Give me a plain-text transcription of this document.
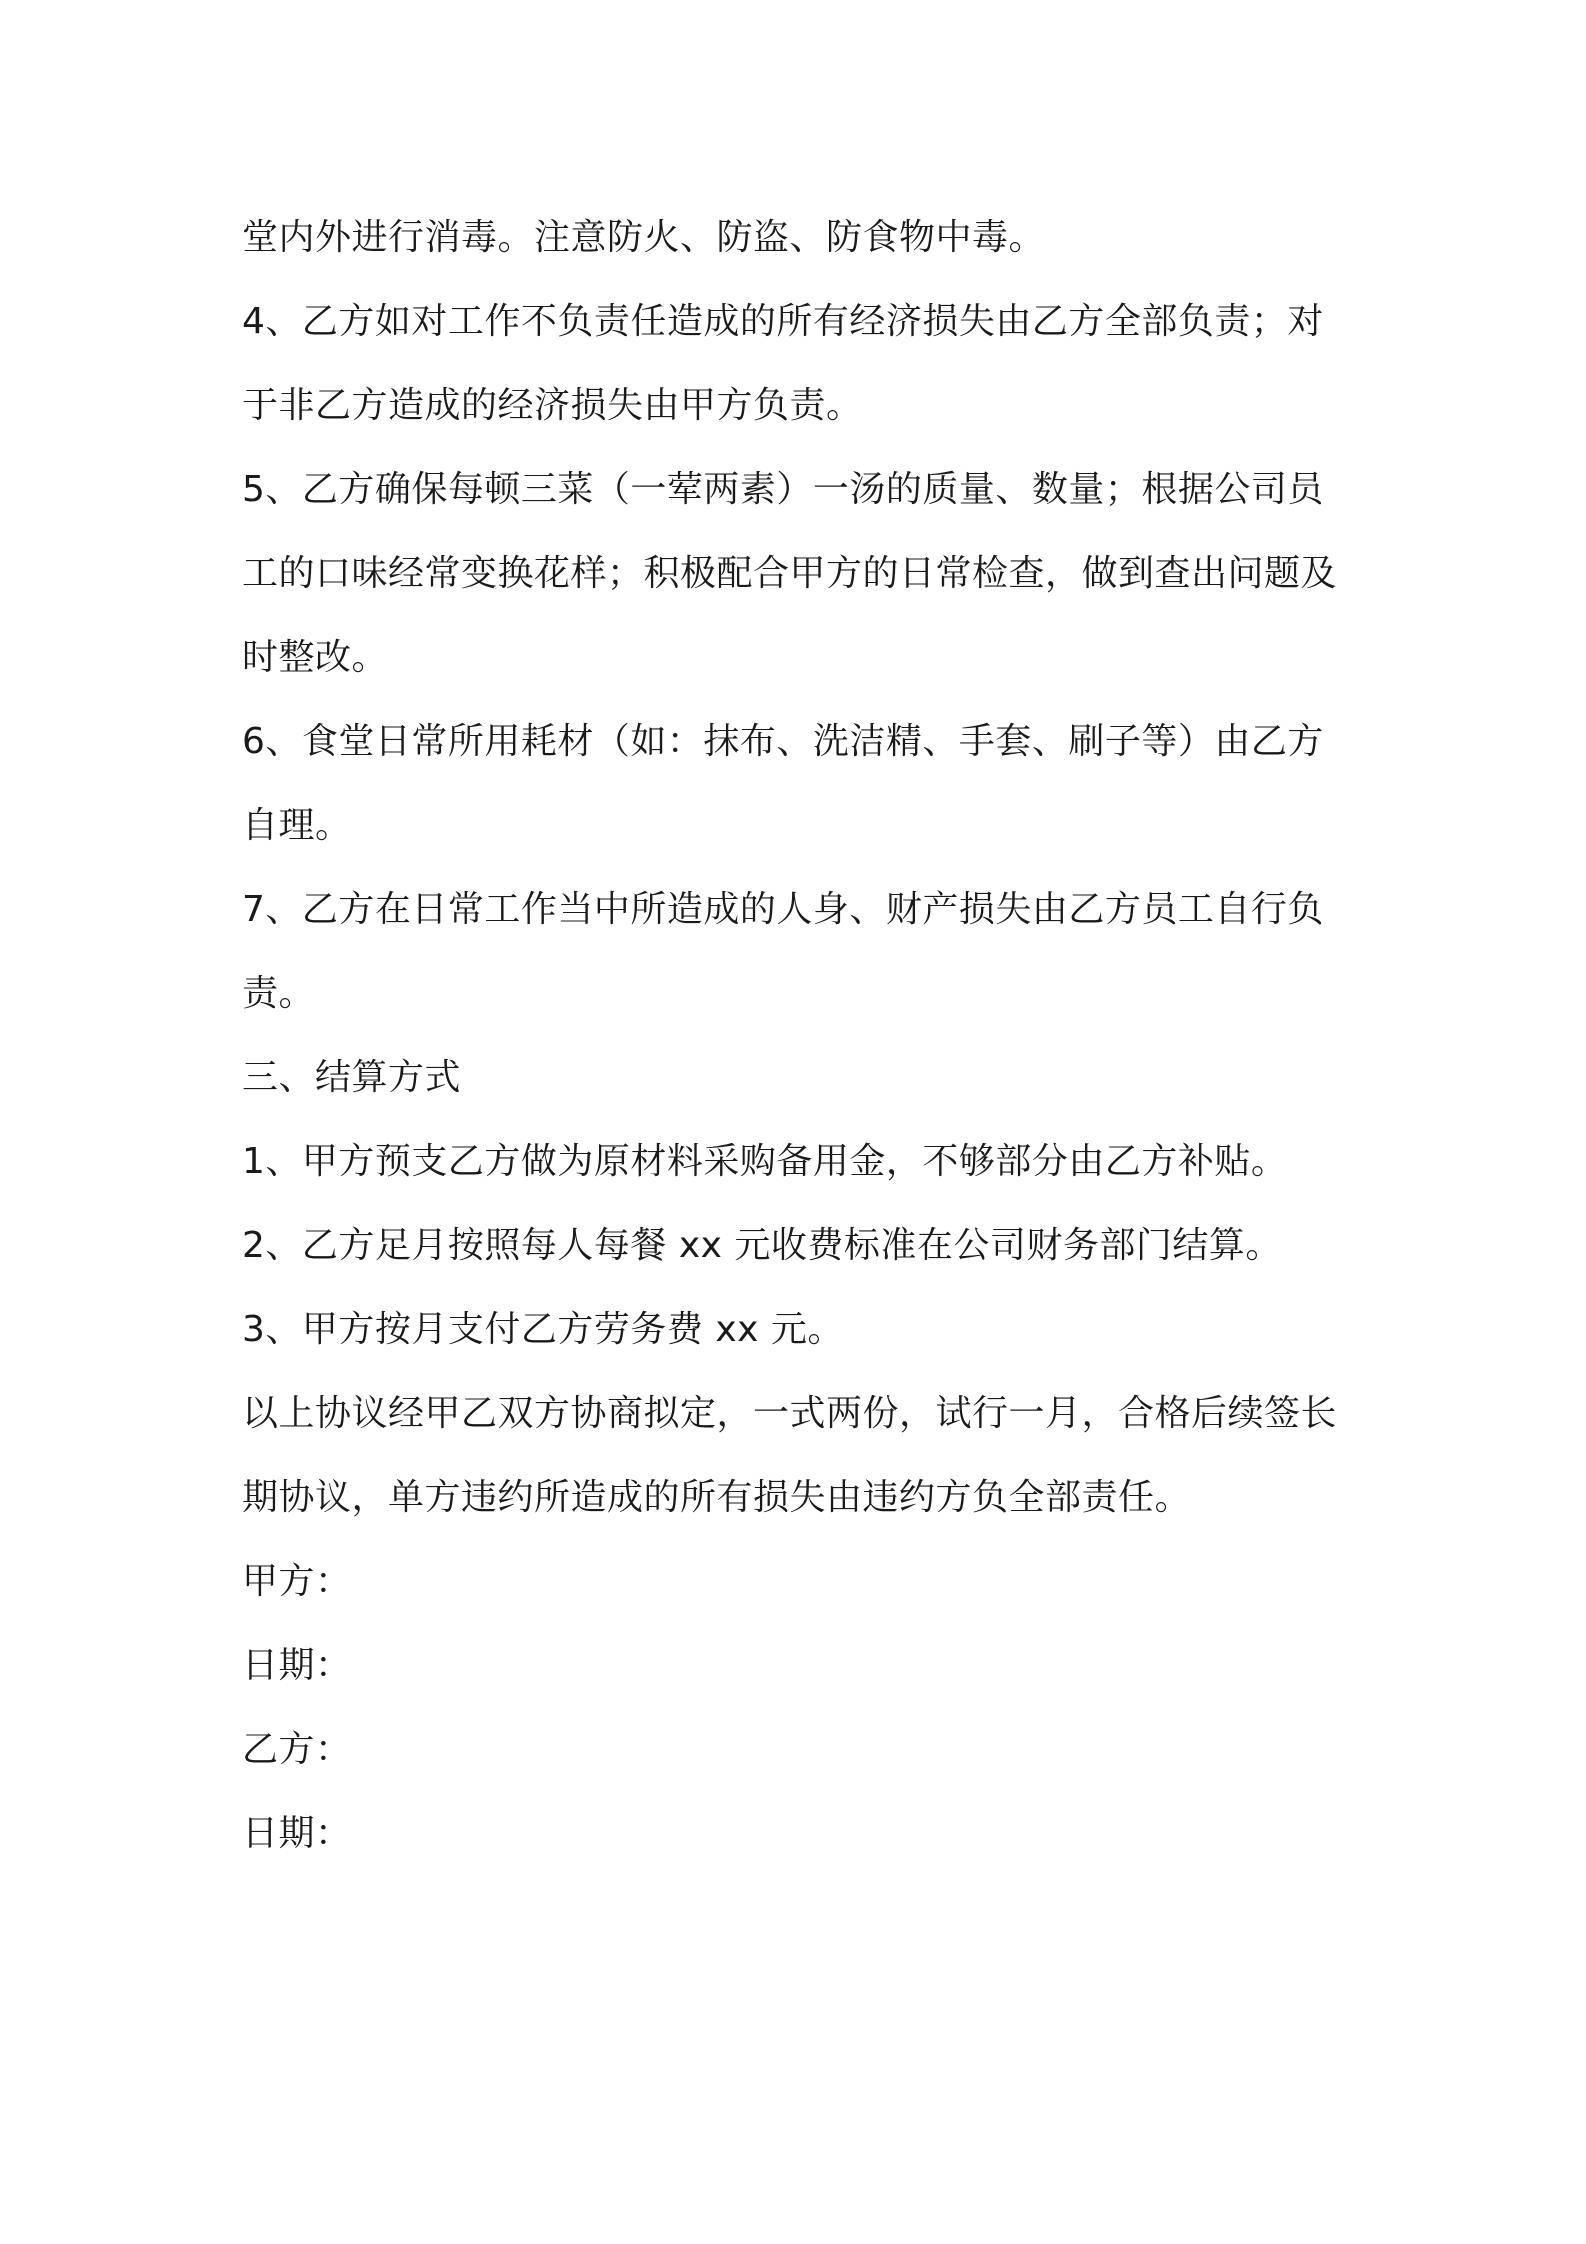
堂内外进行消毒。注意防火、防盗、防食物中毒。
4、乙方如对工作不负责任造成的所有经济损失由乙方全部负责；对
于非乙方造成的经济损失由甲方负责。
5、乙方确保每顿三菜（一荤两素）一汤的质量、数量；根据公司员
工的口味经常变换花样；积极配合甲方的日常检查，做到查出问题及
时整改。
6、食堂日常所用耗材（如：抹布、洗洁精、手套、刷子等）由乙方
自理。
7、乙方在日常工作当中所造成的人身、财产损失由乙方员工自行负
责。
三、结算方式
1、甲方预支乙方做为原材料采购备用金，不够部分由乙方补贴。
2、乙方足月按照每人每餐 xx 元收费标准在公司财务部门结算。
3、甲方按月支付乙方劳务费 xx 元。
以上协议经甲乙双方协商拟定，一式两份，试行一月，合格后续签长
期协议，单方违约所造成的所有损失由违约方负全部责任。
甲方：
日期：
乙方：
日期：
